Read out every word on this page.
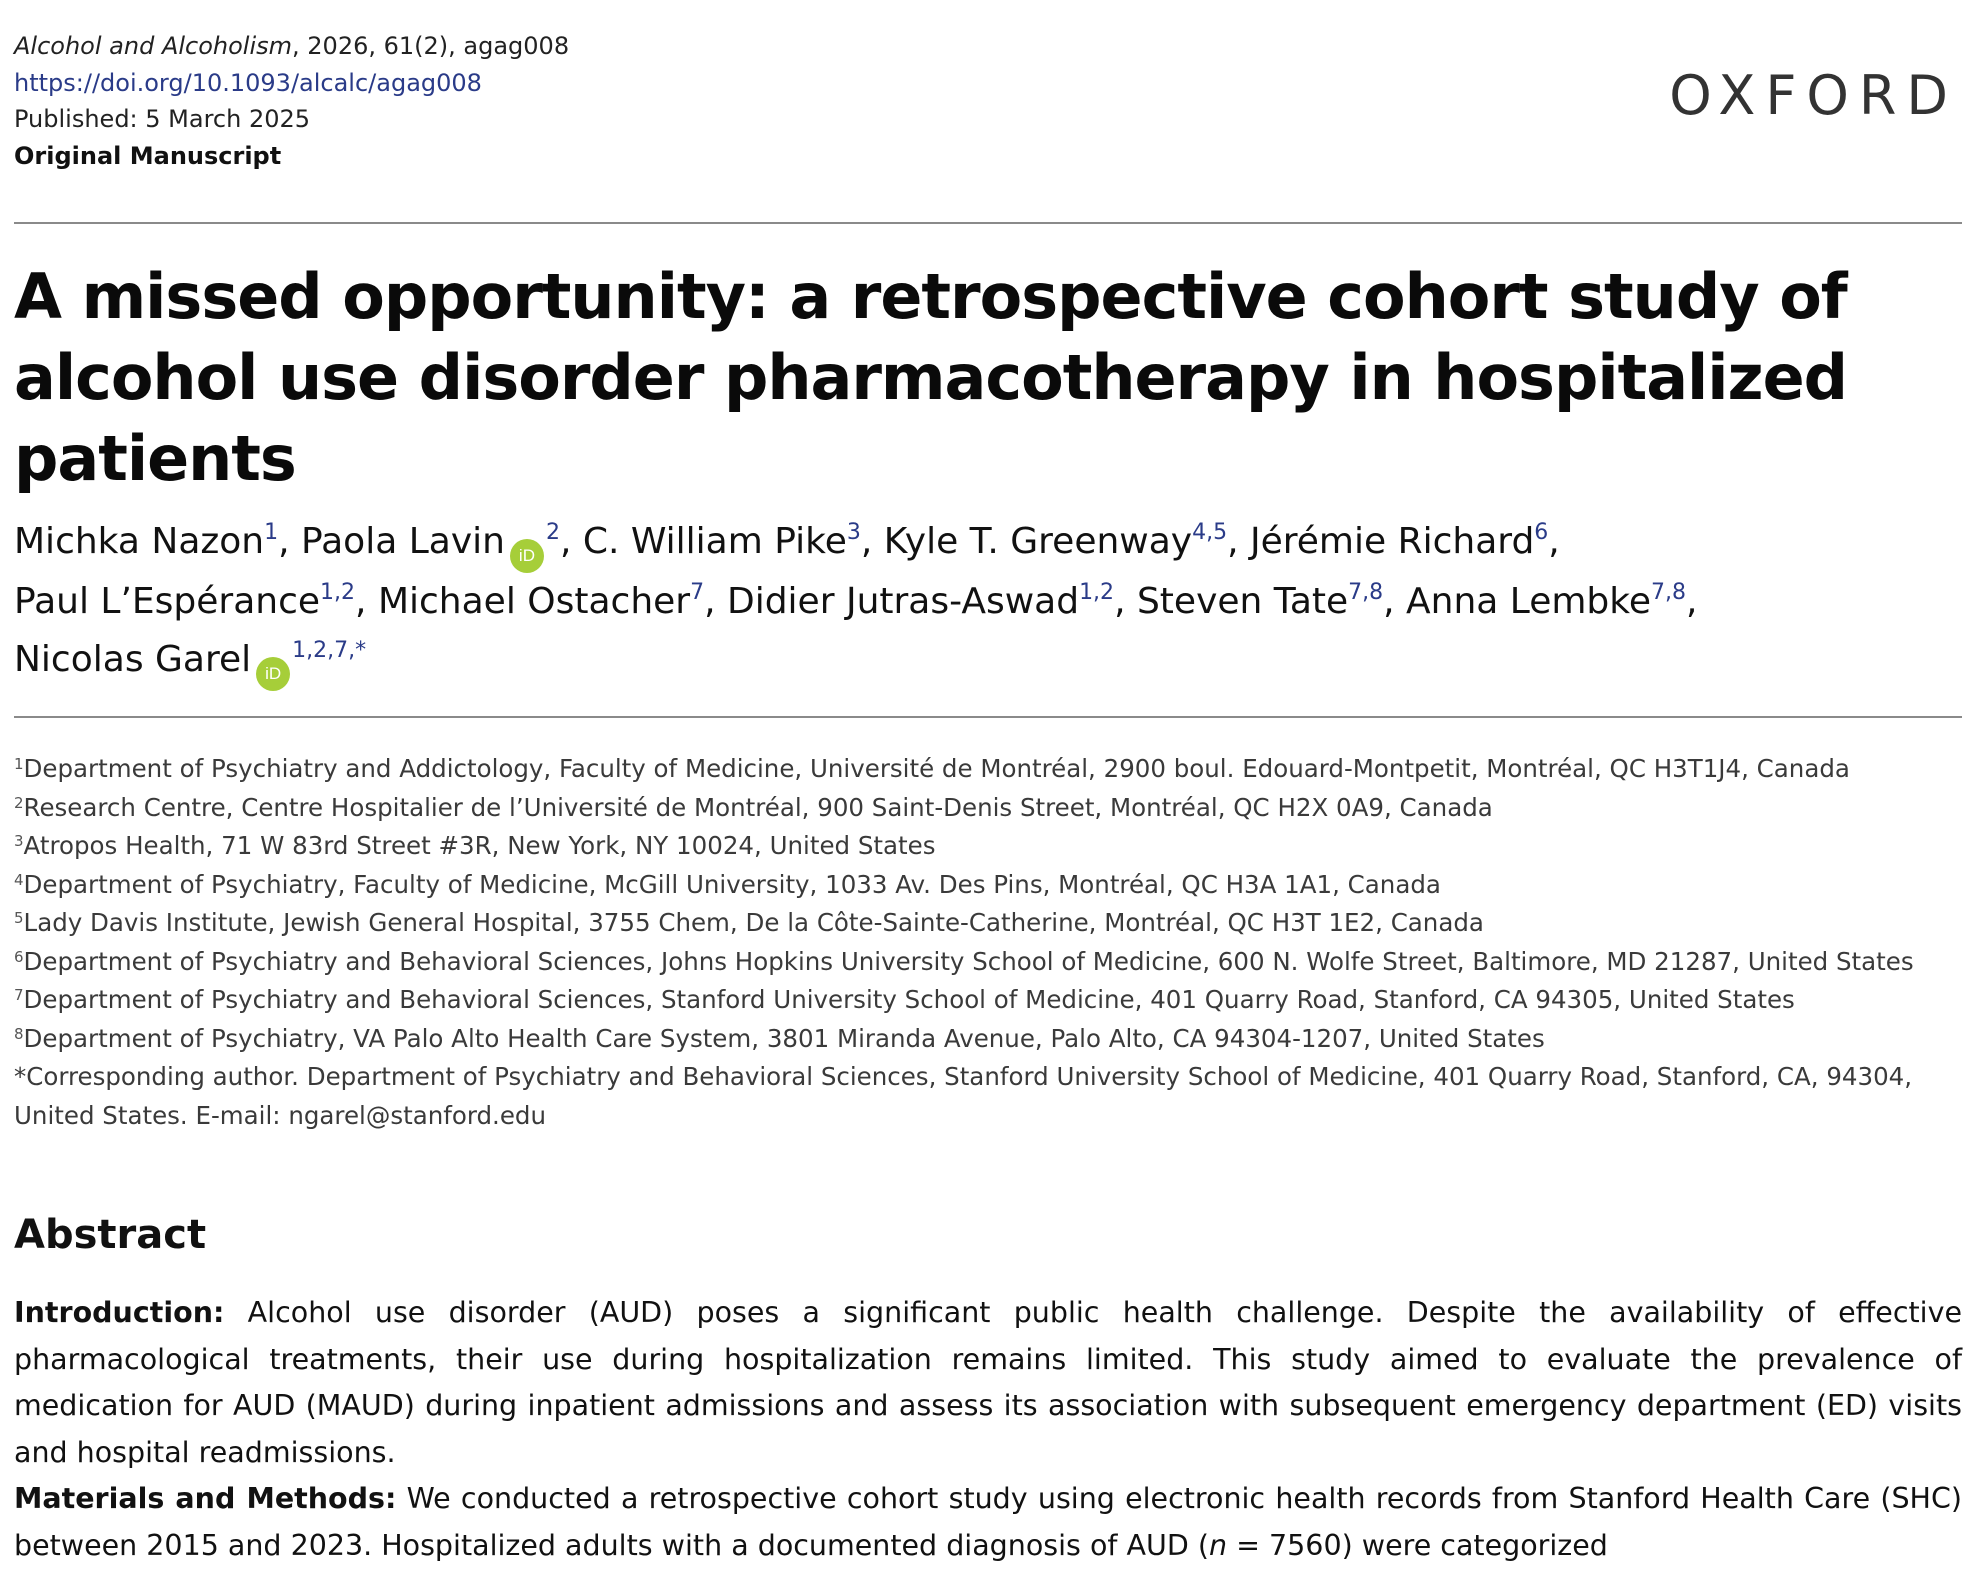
Alcohol and Alcoholism, 2026, 61(2), agag008
https://doi.org/10.1093/alcalc/agag008
Published: 5 March 2025
Original Manuscript
OXFORD
A missed opportunity: a retrospective cohort study of alcohol use disorder pharmacotherapy in hospitalized patients
Michka Nazon$^1$, Paola Lavin $iD^2$, C. William Pike$^3$, Kyle T. Greenway$^{4,5}$, Jérémie Richard$^6$,
Paul L’Espérance$^{1,2}$, Michael Ostacher$^7$, Didier Jutras-Aswad$^{1,2}$, Steven Tate$^{7,8}$, Anna Lembke$^{7,8}$,
Nicolas Garel $iD^{1,2,7,*}$
$^1$Department of Psychiatry and Addictology, Faculty of Medicine, Université de Montréal, 2900 boul. Edouard-Montpetit, Montréal, QC H3T1J4, Canada
$^2$Research Centre, Centre Hospitalier de l’Université de Montréal, 900 Saint-Denis Street, Montréal, QC H2X 0A9, Canada
$^3$Atropos Health, 71 W 83rd Street #3R, New York, NY 10024, United States
$^4$Department of Psychiatry, Faculty of Medicine, McGill University, 1033 Av. Des Pins, Montréal, QC H3A 1A1, Canada
$^5$Lady Davis Institute, Jewish General Hospital, 3755 Chem, De la Côte-Sainte-Catherine, Montréal, QC H3T 1E2, Canada
$^6$Department of Psychiatry and Behavioral Sciences, Johns Hopkins University School of Medicine, 600 N. Wolfe Street, Baltimore, MD 21287, United States
$^7$Department of Psychiatry and Behavioral Sciences, Stanford University School of Medicine, 401 Quarry Road, Stanford, CA 94305, United States
$^8$Department of Psychiatry, VA Palo Alto Health Care System, 3801 Miranda Avenue, Palo Alto, CA 94304-1207, United States
*Corresponding author. Department of Psychiatry and Behavioral Sciences, Stanford University School of Medicine, 401 Quarry Road, Stanford, CA, 94304, United States. E-mail: ngarel@stanford.edu
Abstract

Introduction: Alcohol use disorder (AUD) poses a significant public health challenge. Despite the availability of effective pharmacological treatments, their use during hospitalization remains limited. This study aimed to evaluate the prevalence of medication for AUD (MAUD) during inpatient admissions and assess its association with subsequent emergency department (ED) visits and hospital readmissions.

Materials and Methods: We conducted a retrospective cohort study using electronic health records from Stanford Health Care (SHC) between 2015 and 2023. Hospitalized adults with a documented diagnosis of AUD (n = 7560) were categorized
